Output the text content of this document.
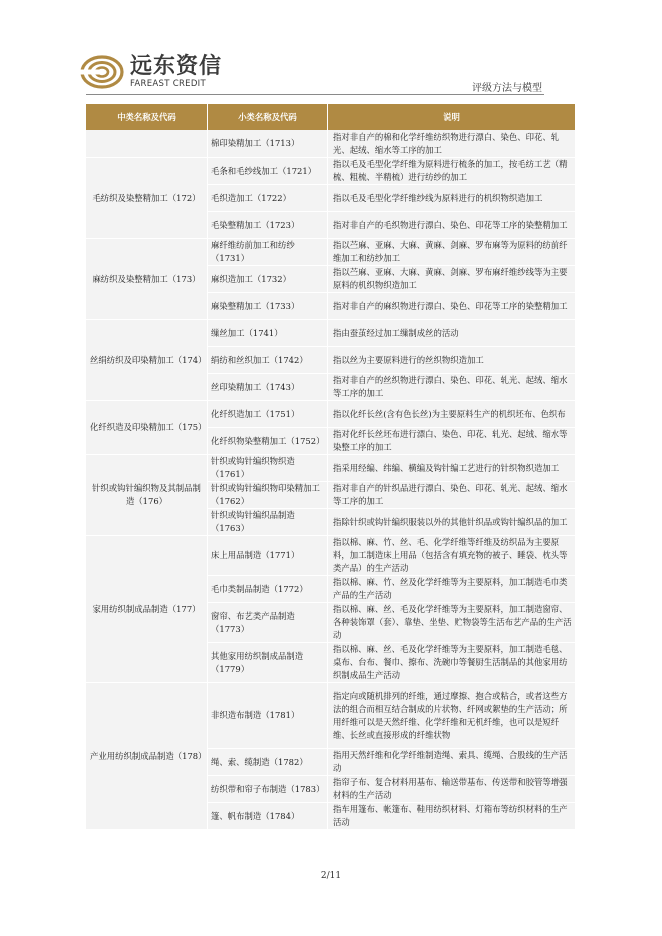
远东资信
FAREAST CREDIT	评级方法与模型
中类名称及代码	小类名称及代码	说明
	棉印染精加工（1713）	指对非自产的棉和化学纤维纺织物进行漂白、染色、印花、轧光、起绒、缩水等工序的加工
毛纺织及染整精加工（172）	毛条和毛纱线加工（1721）	指以毛及毛型化学纤维为原料进行梳条的加工，按毛纺工艺（精梳、粗梳、半精梳）进行纺纱的加工
	毛织造加工（1722）	指以毛及毛型化学纤维纱线为原料进行的机织物织造加工
	毛染整精加工（1723）	指对非自产的毛织物进行漂白、染色、印花等工序的染整精加工
麻纺织及染整精加工（173）	麻纤维纺前加工和纺纱（1731）	指以苎麻、亚麻、大麻、黄麻、剑麻、罗布麻等为原料的纺前纤维加工和纺纱加工
	麻织造加工（1732）	指以苎麻、亚麻、大麻、黄麻、剑麻、罗布麻纤维纱线等为主要原料的机织物织造加工
	麻染整精加工（1733）	指对非自产的麻织物进行漂白、染色、印花等工序的染整精加工
丝绢纺织及印染精加工（174）	缫丝加工（1741）	指由蚕茧经过加工缫制成丝的活动
	绢纺和丝织加工（1742）	指以丝为主要原料进行的丝织物织造加工
	丝印染精加工（1743）	指对非自产的丝织物进行漂白、染色、印花、轧光、起绒、缩水等工序的加工
化纤织造及印染精加工（175）	化纤织造加工（1751）	指以化纤长丝(含有色长丝)为主要原料生产的机织坯布、色织布
	化纤织物染整精加工（1752）	指对化纤长丝坯布进行漂白、染色、印花、轧光、起绒、缩水等染整工序的加工
针织或钩针编织物及其制品制造（176）	针织或钩针编织物织造（1761）	指采用经编、纬编、横编及钩针编工艺进行的针织物织造加工
	针织或钩针编织物印染精加工（1762）	指对非自产的针织品进行漂白、染色、印花、轧光、起绒、缩水等工序的加工
	针织或钩针编织品制造（1763）	指除针织或钩针编织服装以外的其他针织品或钩针编织品的加工
家用纺织制成品制造（177）	床上用品制造（1771）	指以棉、麻、竹、丝、毛、化学纤维等纤维及纺织品为主要原料，加工制造床上用品（包括含有填充物的被子、睡袋、枕头等类产品）的生产活动
	毛巾类制品制造（1772）	指以棉、麻、竹、丝及化学纤维等为主要原料，加工制造毛巾类产品的生产活动
	窗帘、布艺类产品制造（1773）	指以棉、麻、丝、毛及化学纤维等为主要原料，加工制造窗帘、各种装饰罩（套）、靠垫、坐垫、贮物袋等生活布艺产品的生产活动
	其他家用纺织制成品制造（1779）	指以棉、麻、丝、毛及化学纤维等为主要原料，加工制造毛毯、桌布、台布、餐巾、擦布、洗碗巾等餐厨生活制品的其他家用纺织制成品生产活动
产业用纺织制成品制造（178）	非织造布制造（1781）	指定向或随机排列的纤维，通过摩擦、抱合或粘合，或者这些方法的组合而相互结合制成的片状物、纤网或絮垫的生产活动；所用纤维可以是天然纤维、化学纤维和无机纤维，也可以是短纤维、长丝或直接形成的纤维状物
	绳、索、缆制造（1782）	指用天然纤维和化学纤维制造绳、索具、缆绳、合股线的生产活动
	纺织带和帘子布制造（1783）	指帘子布、复合材料用基布、输送带基布、传送带和胶管等增强材料的生产活动
	篷、帆布制造（1784）	指车用篷布、帐篷布、鞋用纺织材料、灯箱布等纺织材料的生产活动
2/11
